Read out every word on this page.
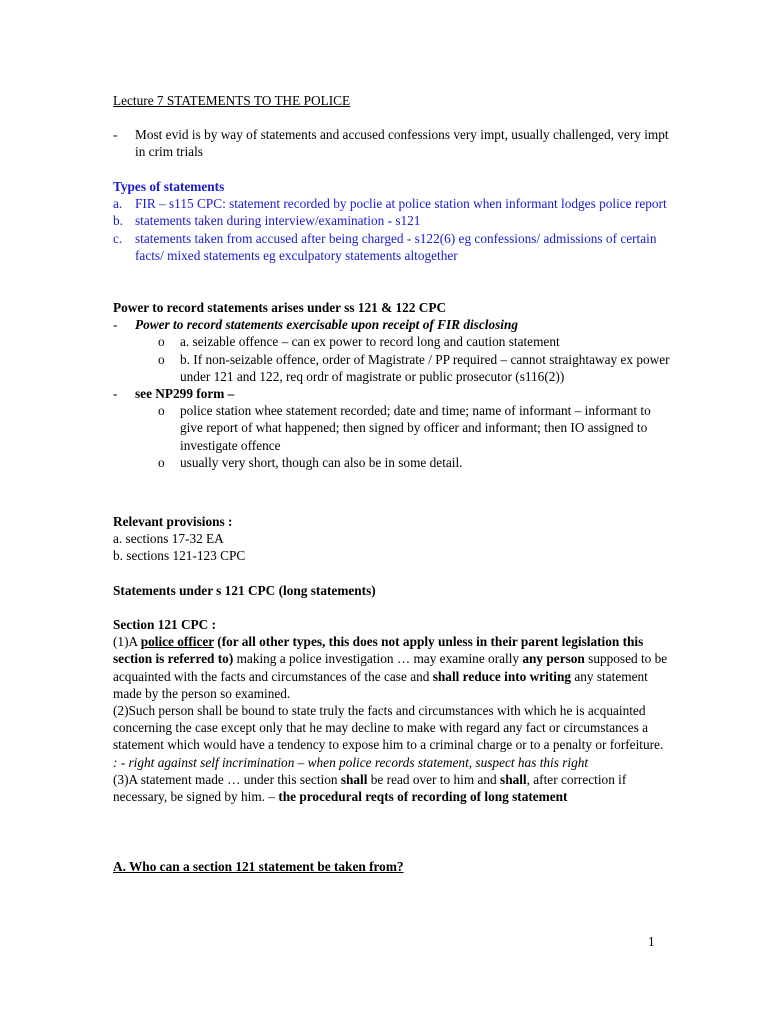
Lecture 7 STATEMENTS TO THE POLICE
-	Most evid is by way of statements and accused confessions very impt, usually challenged, very impt in crim trials
Types of statements
a. FIR – s115 CPC: statement recorded by poclie at police station when informant lodges police report
b. statements taken during interview/examination - s121
c. statements taken from accused after being charged - s122(6) eg confessions/ admissions of certain facts/ mixed statements eg exculpatory statements altogether
Power to record statements arises under ss 121 & 122 CPC
-	Power to record statements exercisable upon receipt of FIR disclosing
o	a. seizable offence – can ex power to record long and caution statement
o	b. If non-seizable offence, order of Magistrate / PP required – cannot straightaway ex power under 121 and 122, req ordr of magistrate or public prosecutor (s116(2))
-	see NP299 form –
o	police station whee statement recorded; date and time; name of informant – informant to give report of what happened; then signed by officer and informant; then IO assigned to investigate offence
o	usually very short, though can also be in some detail.
Relevant provisions :
a. sections 17-32 EA
b. sections 121-123 CPC
Statements under s 121 CPC (long statements)
Section 121 CPC :

(1)A police officer (for all other types, this does not apply unless in their parent legislation this section is referred to) making a police investigation … may examine orally any person supposed to be acquainted with the facts and circumstances of the case and shall reduce into writing any statement made by the person so examined.

(2)Such person shall be bound to state truly the facts and circumstances with which he is acquainted concerning the case except only that he may decline to make with regard any fact or circumstances a statement which would have a tendency to expose him to a criminal charge or to a penalty or forfeiture.

: - right against self incrimination – when police records statement, suspect has this right

(3)A statement made … under this section shall be read over to him and shall, after correction if necessary, be signed by him. – the procedural reqts of recording of long statement

A. Who can a section 121 statement be taken from?
1
